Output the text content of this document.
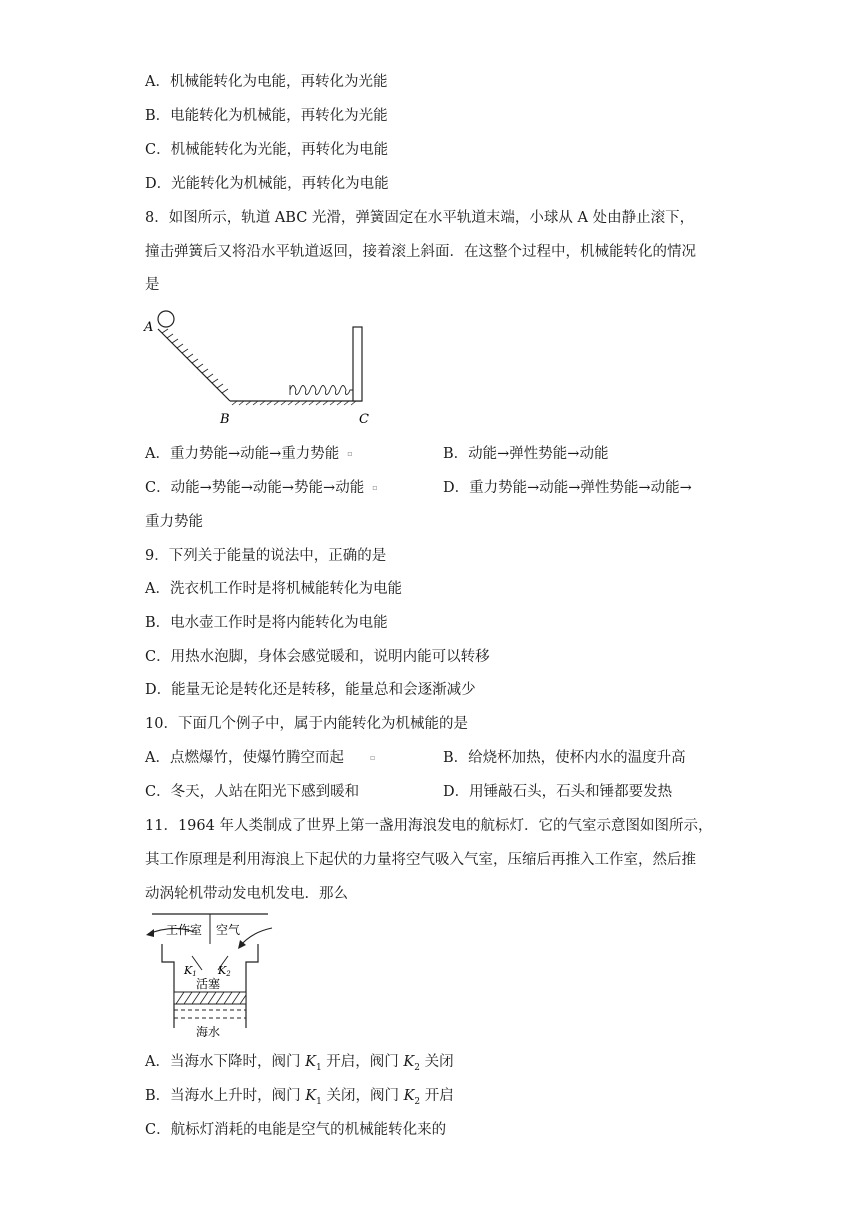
A．机械能转化为电能，再转化为光能
B．电能转化为机械能，再转化为光能
C．机械能转化为光能，再转化为电能
D．光能转化为机械能，再转化为电能
8．如图所示，轨道 ABC 光滑，弹簧固定在水平轨道末端，小球从 A 处由静止滚下，
撞击弹簧后又将沿水平轨道返回，接着滚上斜面．在这整个过程中，机械能转化的情况
是
A
B	C
A．重力势能→动能→重力势能 ▫	B．动能→弹性势能→动能
C．动能→势能→动能→势能→动能 ▫	D．重力势能→动能→弹性势能→动能→
重力势能
9．下列关于能量的说法中，正确的是
A．洗衣机工作时是将机械能转化为电能
B．电水壶工作时是将内能转化为电能
C．用热水泡脚，身体会感觉暖和，说明内能可以转移
D．能量无论是转化还是转移，能量总和会逐渐减少
10．下面几个例子中，属于内能转化为机械能的是
A．点燃爆竹，使爆竹腾空而起	▫	B．给烧杯加热，使杯内水的温度升高
C．冬天，人站在阳光下感到暖和	D．用锤敲石头，石头和锤都要发热
11．1964 年人类制成了世界上第一盏用海浪发电的航标灯．它的气室示意图如图所示，
其工作原理是利用海浪上下起伏的力量将空气吸入气室，压缩后再推入工作室，然后推
动涡轮机带动发电机发电．那么
工作室 空气
K1 K2
活塞
海水
A．当海水下降时，阀门 $K_1$ 开启，阀门 $K_2$ 关闭
B．当海水上升时，阀门 $K_1$ 关闭，阀门 $K_2$ 开启
C．航标灯消耗的电能是空气的机械能转化来的
